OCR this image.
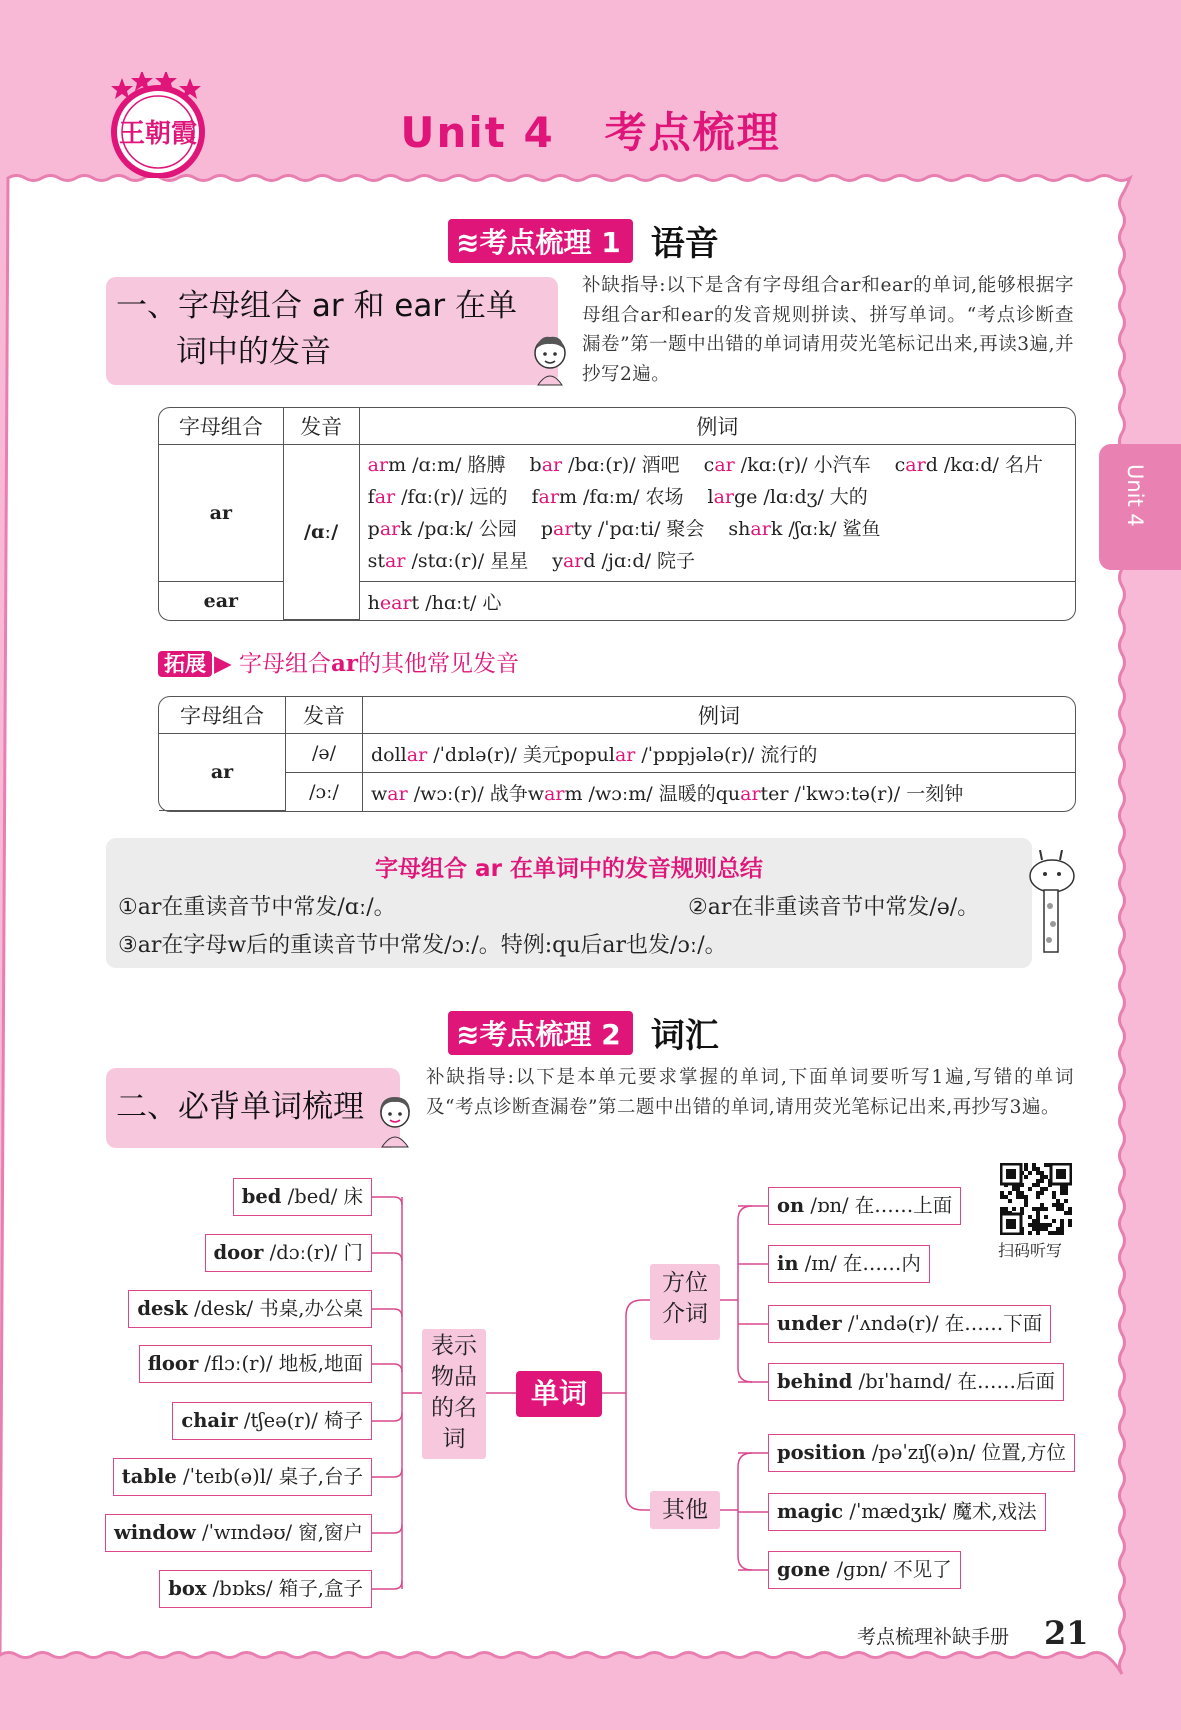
王朝霞	Unit 4   考点梳理
Unit 4
≋考点梳理 1 语音
一、字母组合 ar 和 ear 在单
词中的发音
补缺指导:以下是含有字母组合ar和ear的单词,能够根据字母组合ar和ear的发音规则拼读、拼写单词。“考点诊断查漏卷”第一题中出错的单词请用荧光笔标记出来,再读3遍,并抄写2遍。
字母组合	发音	例词
ar	/ɑː/	arm /ɑːm/ 胳膊 bar /bɑː(r)/ 酒吧 car /kɑː(r)/ 小汽车 card /kɑːd/ 名片
far /fɑː(r)/ 远的 farm /fɑːm/ 农场 large /lɑːdʒ/ 大的
park /pɑːk/ 公园 party /ˈpɑːti/ 聚会 shark /ʃɑːk/ 鲨鱼
star /stɑː(r)/ 星星 yard /jɑːd/ 院子

ear		heart /hɑːt/ 心
拓展 ▶ 字母组合ar的其他常见发音
字母组合	发音	例词
ar	/ə/	dollar /ˈdɒlə(r)/ 美元popular /ˈpɒpjələ(r)/ 流行的
	/ɔː/	war /wɔː(r)/ 战争warm /wɔːm/ 温暖的quarter /ˈkwɔːtə(r)/ 一刻钟
字母组合 ar 在单词中的发音规则总结
①ar在重读音节中常发/ɑː/。	②ar在非重读音节中常发/ə/。
③ar在字母w后的重读音节中常发/ɔː/。特例:qu后ar也发/ɔː/。
≋考点梳理 2 词汇
二、必背单词梳理
补缺指导:以下是本单元要求掌握的单词,下面单词要听写1遍,写错的单词及“考点诊断查漏卷”第二题中出错的单词,请用荧光笔标记出来,再抄写3遍。
扫码听写
bed /bed/ 床
door /dɔː(r)/ 门
desk /desk/ 书桌,办公桌
floor /flɔː(r)/ 地板,地面
chair /tʃeə(r)/ 椅子
table /ˈteɪb(ə)l/ 桌子,台子
window /ˈwɪndəʊ/ 窗,窗户
box /bɒks/ 箱子,盒子
表示
物品
的名
词
单词
方位
介词
其他
on /ɒn/ 在……上面
in /ɪn/ 在……内
under /ˈʌndə(r)/ 在……下面
behind /bɪˈhaɪnd/ 在……后面
position /pəˈzɪʃ(ə)n/ 位置,方位
magic /ˈmædʒɪk/ 魔术,戏法
gone /ɡɒn/ 不见了
考点梳理补缺手册 21
